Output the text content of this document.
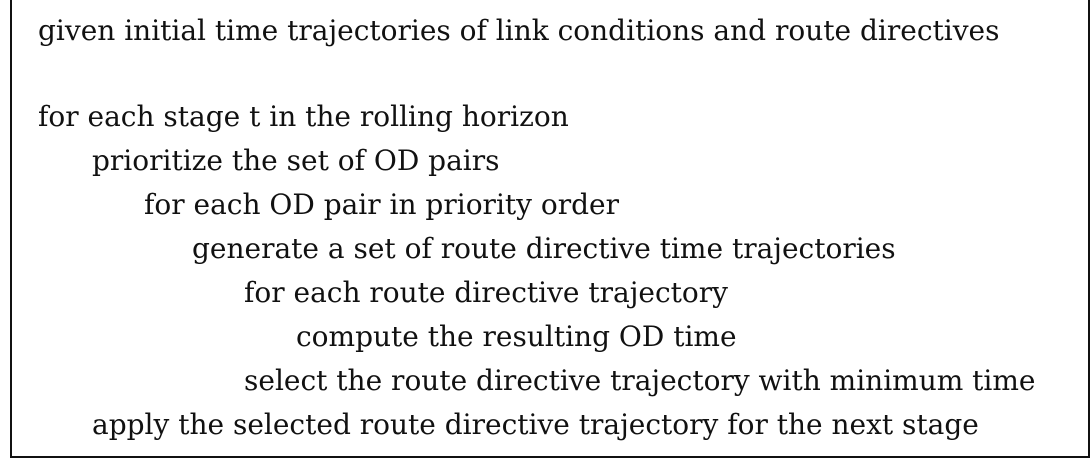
given initial time trajectories of link conditions and route directives
for each stage t in the rolling horizon
prioritize the set of OD pairs
for each OD pair in priority order
generate a set of route directive time trajectories
for each route directive trajectory
compute the resulting OD time
select the route directive trajectory with minimum time
apply the selected route directive trajectory for the next stage
